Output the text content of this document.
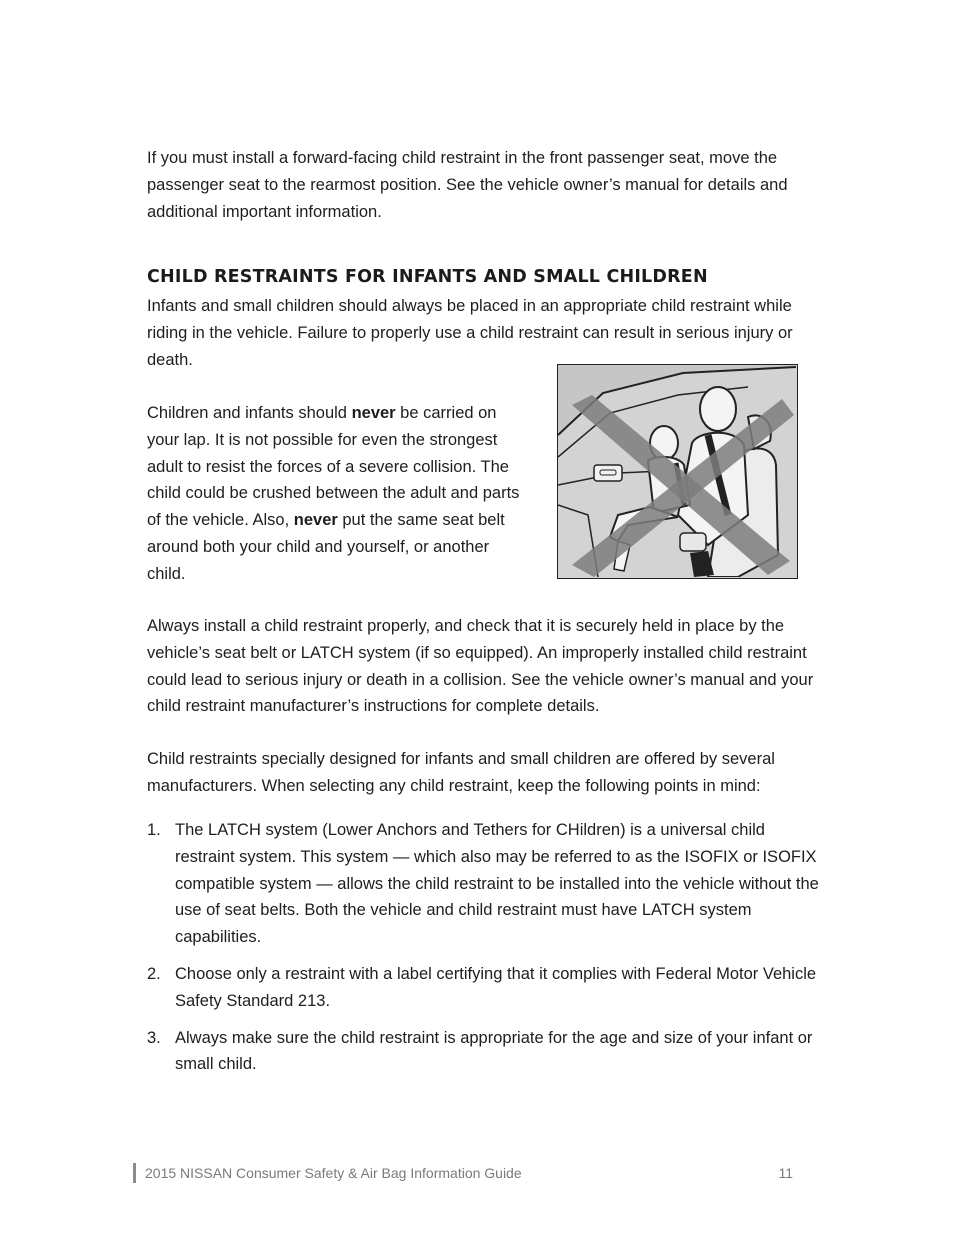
If you must install a forward-facing child restraint in the front passenger seat, move the passenger seat to the rearmost position. See the vehicle owner’s manual for details and additional important information.

CHILD RESTRAINTS FOR INFANTS AND SMALL CHILDREN

Infants and small children should always be placed in an appropriate child restraint while riding in the vehicle. Failure to properly use a child restraint can result in serious injury or death.

Children and infants should never be carried on your lap. It is not possible for even the strongest adult to resist the forces of a severe collision. The child could be crushed between the adult and parts of the vehicle. Also, never put the same seat belt around both your child and yourself, or another child.

Always install a child restraint properly, and check that it is securely held in place by the vehicle’s seat belt or LATCH system (if so equipped). An improperly installed child restraint could lead to serious injury or death in a collision. See the vehicle owner’s manual and your child restraint manufacturer’s instructions for complete details.

Child restraints specially designed for infants and small children are offered by several manufacturers. When selecting any child restraint, keep the following points in mind:

1. The LATCH system (Lower Anchors and Tethers for CHildren) is a universal child restraint system. This system — which also may be referred to as the ISOFIX or ISOFIX compatible system — allows the child restraint to be installed into the vehicle without the use of seat belts. Both the vehicle and child restraint must have LATCH system capabilities.
2. Choose only a restraint with a label certifying that it complies with Federal Motor Vehicle Safety Standard 213.
3. Always make sure the child restraint is appropriate for the age and size of your infant or small child.
2015 NISSAN Consumer Safety & Air Bag Information Guide	11
